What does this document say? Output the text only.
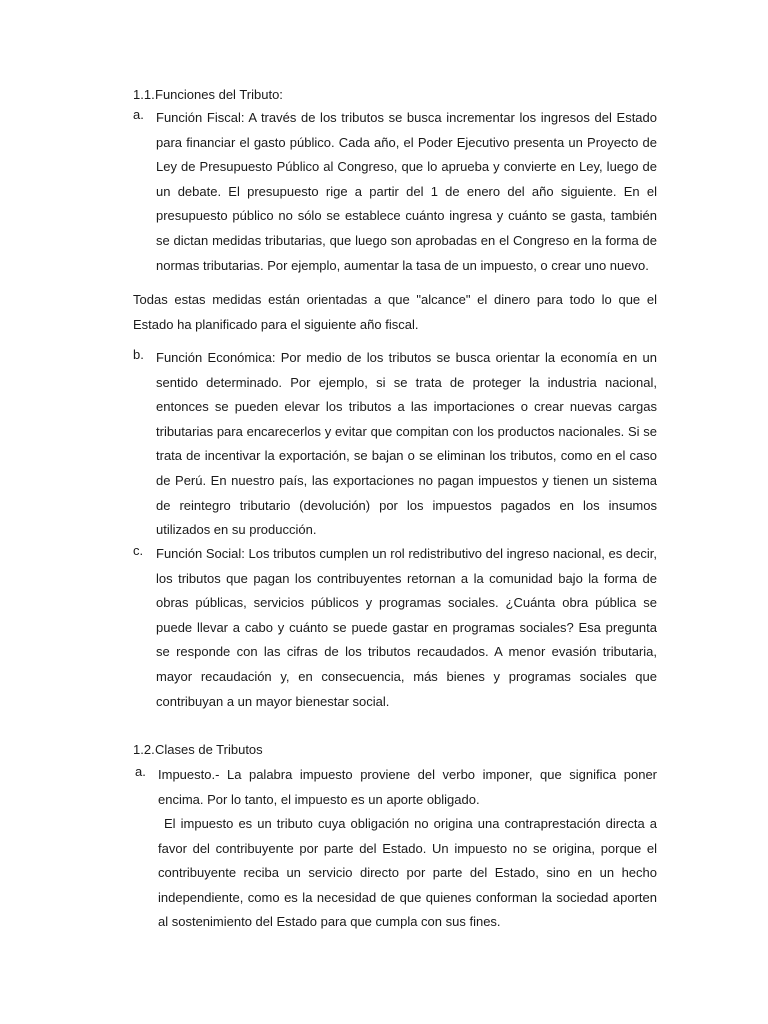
1.1.Funciones del Tributo:
a. Función Fiscal: A través de los tributos se busca incrementar los ingresos del Estado para financiar el gasto público. Cada año, el Poder Ejecutivo presenta un Proyecto de Ley de Presupuesto Público al Congreso, que lo aprueba y convierte en Ley, luego de un debate. El presupuesto rige a partir del 1 de enero del año siguiente. En el presupuesto público no sólo se establece cuánto ingresa y cuánto se gasta, también se dictan medidas tributarias, que luego son aprobadas en el Congreso en la forma de normas tributarias. Por ejemplo, aumentar la tasa de un impuesto, o crear uno nuevo.
Todas estas medidas están orientadas a que "alcance" el dinero para todo lo que el Estado ha planificado para el siguiente año fiscal.
b. Función Económica: Por medio de los tributos se busca orientar la economía en un sentido determinado. Por ejemplo, si se trata de proteger la industria nacional, entonces se pueden elevar los tributos a las importaciones o crear nuevas cargas tributarias para encarecerlos y evitar que compitan con los productos nacionales. Si se trata de incentivar la exportación, se bajan o se eliminan los tributos, como en el caso de Perú. En nuestro país, las exportaciones no pagan impuestos y tienen un sistema de reintegro tributario (devolución) por los impuestos pagados en los insumos utilizados en su producción.
c. Función Social: Los tributos cumplen un rol redistributivo del ingreso nacional, es decir, los tributos que pagan los contribuyentes retornan a la comunidad bajo la forma de obras públicas, servicios públicos y programas sociales. ¿Cuánta obra pública se puede llevar a cabo y cuánto se puede gastar en programas sociales? Esa pregunta se responde con las cifras de los tributos recaudados. A menor evasión tributaria, mayor recaudación y, en consecuencia, más bienes y programas sociales que contribuyan a un mayor bienestar social.
1.2.Clases de Tributos
a. Impuesto.- La palabra impuesto proviene del verbo imponer, que significa poner encima. Por lo tanto, el impuesto es un aporte obligado.
El impuesto es un tributo cuya obligación no origina una contraprestación directa a favor del contribuyente por parte del Estado. Un impuesto no se origina, porque el contribuyente reciba un servicio directo por parte del Estado, sino en un hecho independiente, como es la necesidad de que quienes conforman la sociedad aporten al sostenimiento del Estado para que cumpla con sus fines.
